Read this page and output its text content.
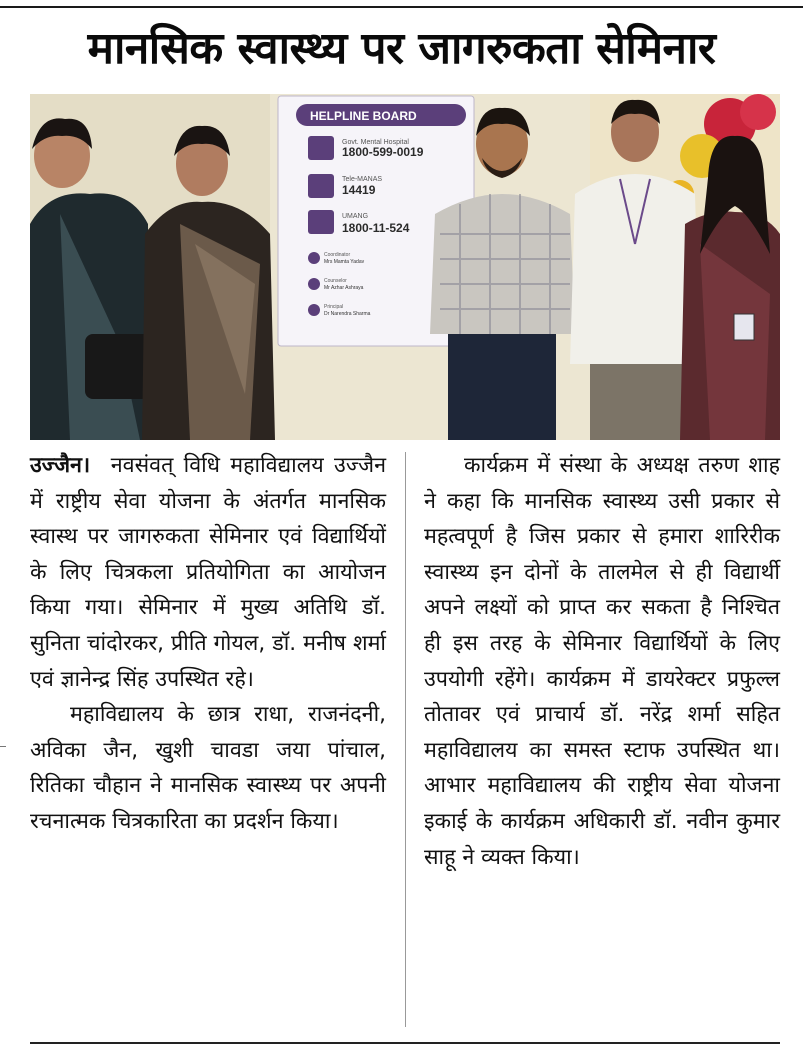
मानसिक स्वास्थ्य पर जागरुकता सेमिनार
HELPLINE BOARD
Govt. Mental Hospital
1800-599-0019
Tele-MANAS
14419
UMANG
1800-11-524
Coordinator
Mrs Mamta Yadav
Counselor
Mr Azhar Ashraya
Principal
Dr Narendra Sharma

उज्जैन। नवसंवत् विधि महाविद्यालय उज्जैन में राष्ट्रीय सेवा योजना के अंतर्गत मानसिक स्वास्थ पर जागरुकता सेमिनार एवं विद्यार्थियों के लिए चित्रकला प्रतियोगिता का आयोजन किया गया। सेमिनार में मुख्य अतिथि डॉ. सुनिता चांदोरकर, प्रीति गोयल, डॉ. मनीष शर्मा एवं ज्ञानेन्द्र सिंह उपस्थित रहे।

महाविद्यालय के छात्र राधा, राजनंदनी, अविका जैन, खुशी चावडा जया पांचाल, रितिका चौहान ने मानसिक स्वास्थ्य पर अपनी रचनात्मक चित्रकारिता का प्रदर्शन किया।

कार्यक्रम में संस्था के अध्यक्ष तरुण शाह ने कहा कि मानसिक स्वास्थ्य उसी प्रकार से महत्वपूर्ण है जिस प्रकार से हमारा शारिरीक स्वास्थ्य इन दोनों के तालमेल से ही विद्यार्थी अपने लक्ष्यों को प्राप्त कर सकता है निश्चित ही इस तरह के सेमिनार विद्यार्थियों के लिए उपयोगी रहेंगे। कार्यक्रम में डायरेक्टर प्रफुल्ल तोतावर एवं प्राचार्य डॉ. नरेंद्र शर्मा सहित महाविद्यालय का समस्त स्टाफ उपस्थित था। आभार महाविद्यालय की राष्ट्रीय सेवा योजना इकाई के कार्यक्रम अधिकारी डॉ. नवीन कुमार साहू ने व्यक्त किया।
